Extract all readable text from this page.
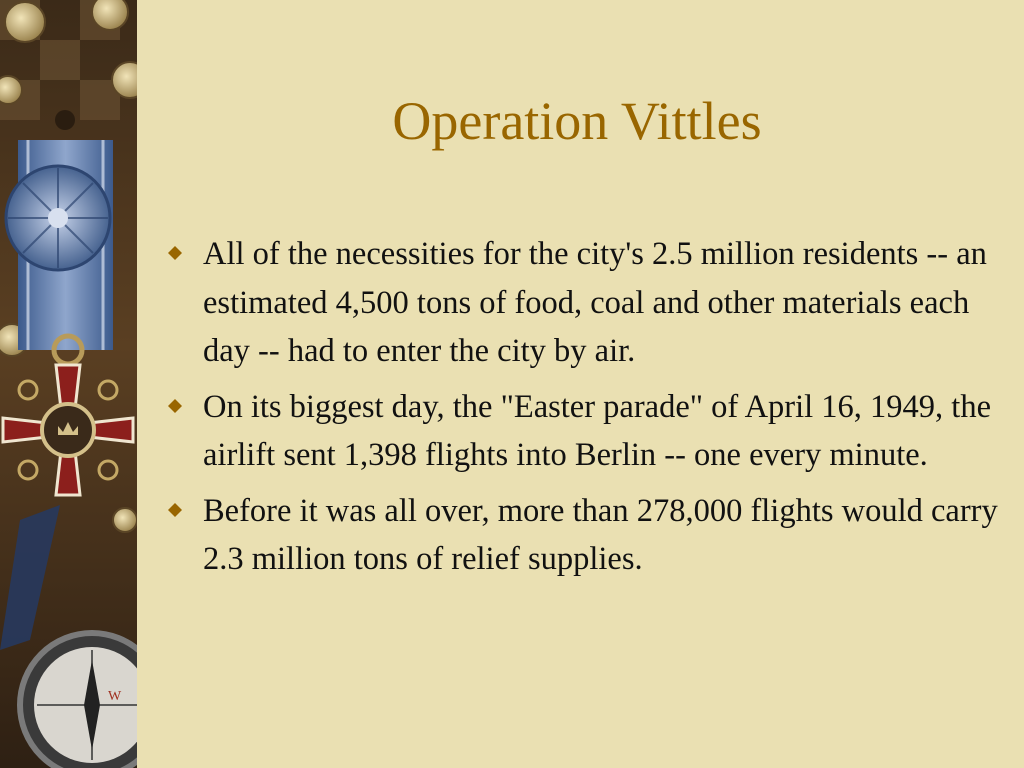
W
Operation Vittles
All of the necessities for the city's 2.5 million residents -- an estimated 4,500 tons of food, coal and other materials each day -- had to enter the city by air.
On its biggest day, the "Easter parade" of April 16, 1949, the airlift sent 1,398 flights into Berlin -- one every minute.
Before it was all over, more than 278,000 flights would carry 2.3 million tons of relief supplies.
